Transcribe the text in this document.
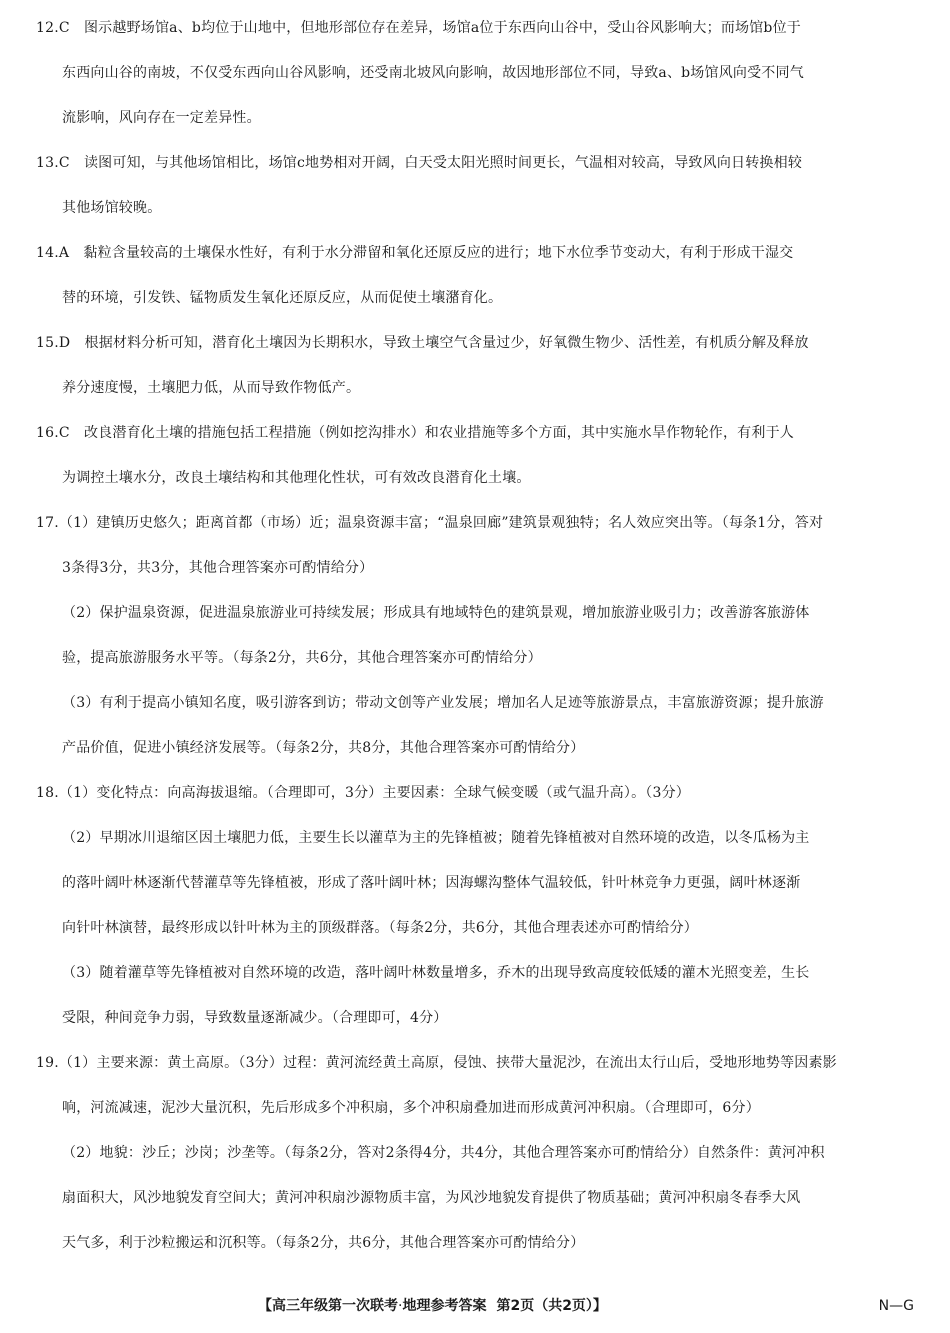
12.C　图示越野场馆a、b均位于山地中，但地形部位存在差异，场馆a位于东西向山谷中，受山谷风影响大；而场馆b位于
东西向山谷的南坡，不仅受东西向山谷风影响，还受南北坡风向影响，故因地形部位不同，导致a、b场馆风向受不同气
流影响，风向存在一定差异性。
13.C　读图可知，与其他场馆相比，场馆c地势相对开阔，白天受太阳光照时间更长，气温相对较高，导致风向日转换相较
其他场馆较晚。
14.A　黏粒含量较高的土壤保水性好，有利于水分滞留和氧化还原反应的进行；地下水位季节变动大，有利于形成干湿交
替的环境，引发铁、锰物质发生氧化还原反应，从而促使土壤潴育化。
15.D　根据材料分析可知，潜育化土壤因为长期积水，导致土壤空气含量过少，好氧微生物少、活性差，有机质分解及释放
养分速度慢，土壤肥力低，从而导致作物低产。
16.C　改良潜育化土壤的措施包括工程措施（例如挖沟排水）和农业措施等多个方面，其中实施水旱作物轮作，有利于人
为调控土壤水分，改良土壤结构和其他理化性状，可有效改良潜育化土壤。
17.（1）建镇历史悠久；距离首都（市场）近；温泉资源丰富；“温泉回廊”建筑景观独特；名人效应突出等。（每条1分，答对
3条得3分，共3分，其他合理答案亦可酌情给分）
（2）保护温泉资源，促进温泉旅游业可持续发展；形成具有地域特色的建筑景观，增加旅游业吸引力；改善游客旅游体
验，提高旅游服务水平等。（每条2分，共6分，其他合理答案亦可酌情给分）
（3）有利于提高小镇知名度，吸引游客到访；带动文创等产业发展；增加名人足迹等旅游景点，丰富旅游资源；提升旅游
产品价值，促进小镇经济发展等。（每条2分，共8分，其他合理答案亦可酌情给分）
18.（1）变化特点：向高海拔退缩。（合理即可，3分）主要因素：全球气候变暖（或气温升高）。（3分）
（2）早期冰川退缩区因土壤肥力低，主要生长以灌草为主的先锋植被；随着先锋植被对自然环境的改造，以冬瓜杨为主
的落叶阔叶林逐渐代替灌草等先锋植被，形成了落叶阔叶林；因海螺沟整体气温较低，针叶林竞争力更强，阔叶林逐渐
向针叶林演替，最终形成以针叶林为主的顶级群落。（每条2分，共6分，其他合理表述亦可酌情给分）
（3）随着灌草等先锋植被对自然环境的改造，落叶阔叶林数量增多，乔木的出现导致高度较低矮的灌木光照变差，生长
受限，种间竞争力弱，导致数量逐渐减少。（合理即可，4分）
19.（1）主要来源：黄土高原。（3分）过程：黄河流经黄土高原，侵蚀、挟带大量泥沙，在流出太行山后，受地形地势等因素影
响，河流减速，泥沙大量沉积，先后形成多个冲积扇，多个冲积扇叠加进而形成黄河冲积扇。（合理即可，6分）
（2）地貌：沙丘；沙岗；沙垄等。（每条2分，答对2条得4分，共4分，其他合理答案亦可酌情给分）自然条件：黄河冲积
扇面积大，风沙地貌发育空间大；黄河冲积扇沙源物质丰富，为风沙地貌发育提供了物质基础；黄河冲积扇冬春季大风
天气多，利于沙粒搬运和沉积等。（每条2分，共6分，其他合理答案亦可酌情给分）
【高三年级第一次联考·地理参考答案 第2页（共2页）】	N—G
